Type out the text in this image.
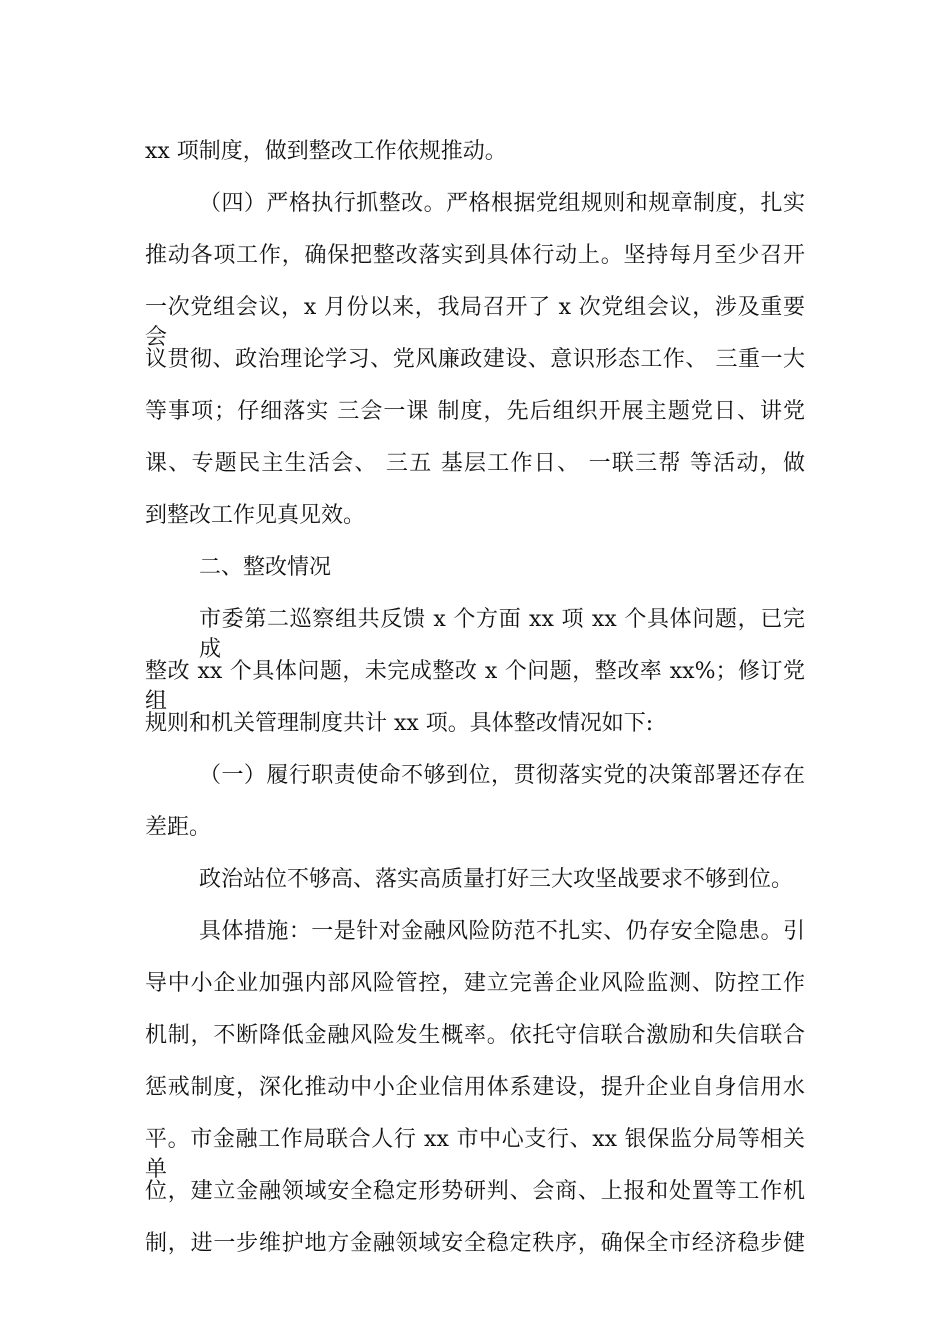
xx 项制度，做到整改工作依规推动。
（四）严格执行抓整改。严格根据党组规则和规章制度，扎实
推动各项工作，确保把整改落实到具体行动上。坚持每月至少召开
一次党组会议，x 月份以来，我局召开了 x 次党组会议，涉及重要会
议贯彻、政治理论学习、党风廉政建设、意识形态工作、 三重一大
等事项；仔细落实 三会一课 制度，先后组织开展主题党日、讲党
课、专题民主生活会、 三五 基层工作日、 一联三帮 等活动，做
到整改工作见真见效。
二、整改情况
市委第二巡察组共反馈 x 个方面 xx 项 xx 个具体问题，已完成
整改 xx 个具体问题，未完成整改 x 个问题，整改率 xx%；修订党组
规则和机关管理制度共计 xx 项。具体整改情况如下:
（一）履行职责使命不够到位，贯彻落实党的决策部署还存在
差距。
政治站位不够高、落实高质量打好三大攻坚战要求不够到位。
具体措施：一是针对金融风险防范不扎实、仍存安全隐患。引
导中小企业加强内部风险管控，建立完善企业风险监测、防控工作
机制，不断降低金融风险发生概率。依托守信联合激励和失信联合
惩戒制度，深化推动中小企业信用体系建设，提升企业自身信用水
平。市金融工作局联合人行 xx 市中心支行、xx 银保监分局等相关单
位，建立金融领域安全稳定形势研判、会商、上报和处置等工作机
制，进一步维护地方金融领域安全稳定秩序，确保全市经济稳步健
